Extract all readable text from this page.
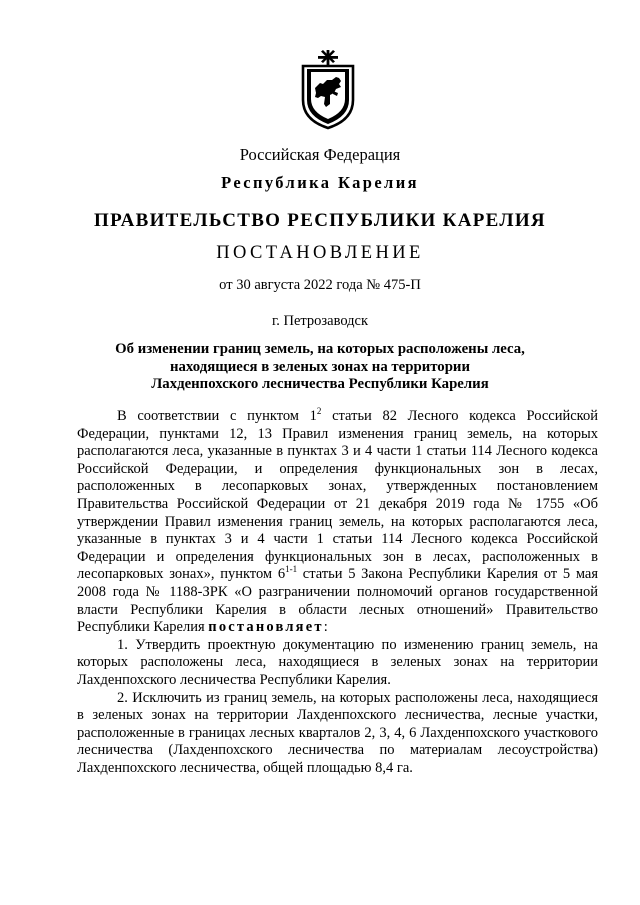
Российская Федерация
Республика Карелия
ПРАВИТЕЛЬСТВО РЕСПУБЛИКИ КАРЕЛИЯ
ПОСТАНОВЛЕНИЕ
от 30 августа 2022 года № 475-П
г. Петрозаводск
Об изменении границ земель, на которых расположены леса,
находящиеся в зеленых зонах на территории
Лахденпохского лесничества Республики Карелия

В соответствии с пунктом $1^2$ статьи 82 Лесного кодекса Российской Федерации, пунктами 12, 13 Правил изменения границ земель, на которых располагаются леса, указанные в пунктах 3 и 4 части 1 статьи 114 Лесного кодекса Российской Федерации, и определения функциональных зон в лесах, расположенных в лесопарковых зонах, утвержденных постановлением Правительства Российской Федерации от 21 декабря 2019 года № 1755 «Об утверждении Правил изменения границ земель, на которых располагаются леса, указанные в пунктах 3 и 4 части 1 статьи 114 Лесного кодекса Российской Федерации и определения функциональных зон в лесах, расположенных в лесопарковых зонах», пунктом 6$^{1-1}$ статьи 5 Закона Республики Карелия от 5 мая 2008 года № 1188-ЗРК «О разграничении полномочий органов государственной власти Республики Карелия в области лесных отношений» Правительство Республики Карелия постановляет:

1. Утвердить проектную документацию по изменению границ земель, на которых расположены леса, находящиеся в зеленых зонах на территории Лахденпохского лесничества Республики Карелия.

2. Исключить из границ земель, на которых расположены леса, находящиеся в зеленых зонах на территории Лахденпохского лесничества, лесные участки, расположенные в границах лесных кварталов 2, 3, 4, 6 Лахденпохского участкового лесничества (Лахденпохского лесничества по материалам лесоустройства) Лахденпохского лесничества, общей площадью 8,4 га.
